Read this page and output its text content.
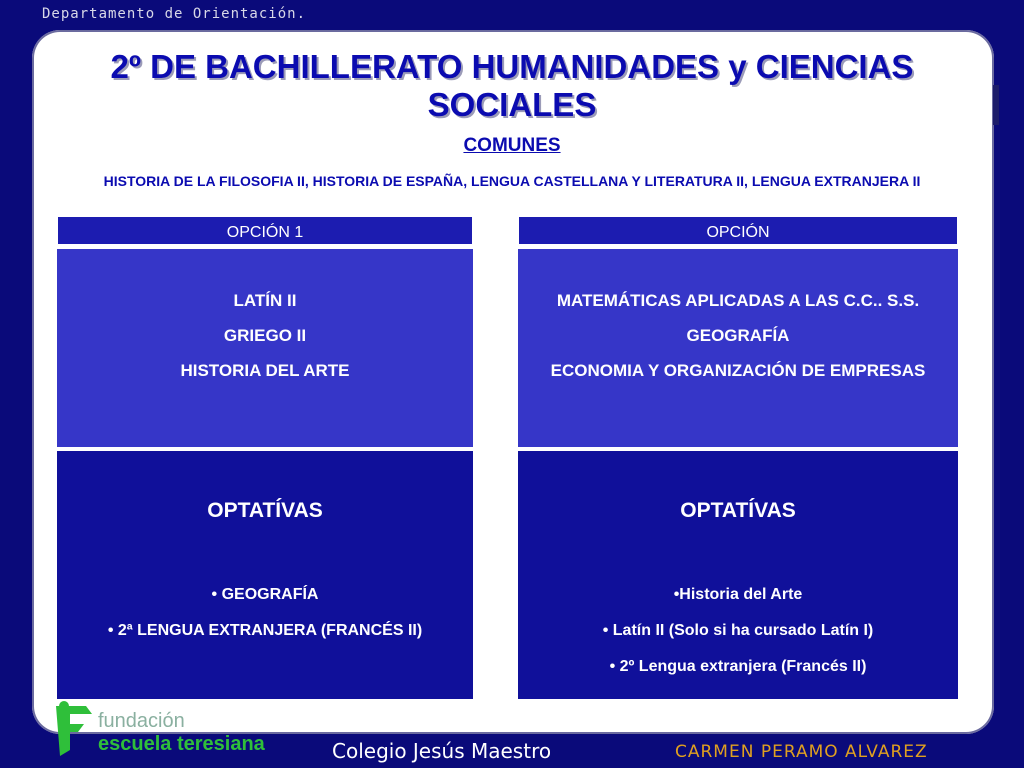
Departamento de Orientación.
2º DE BACHILLERATO HUMANIDADES y CIENCIAS SOCIALES
COMUNES
HISTORIA DE LA FILOSOFIA II, HISTORIA DE ESPAÑA, LENGUA CASTELLANA Y LITERATURA II, LENGUA EXTRANJERA II
OPCIÓN 1

LATÍN II

GRIEGO II

HISTORIA DEL ARTE

OPTATÍVAS

• GEOGRAFÍA

• 2ª LENGUA EXTRANJERA (FRANCÉS II)

OPCIÓN

MATEMÁTICAS APLICADAS A LAS C.C.. S.S.

GEOGRAFÍA

ECONOMIA Y ORGANIZACIÓN DE EMPRESAS

OPTATÍVAS

•Historia del Arte

• Latín II (Solo si ha cursado Latín I)

• 2º Lengua extranjera (Francés II)

fundación
escuela teresiana	Colegio Jesús Maestro	CARMEN PERAMO ALVAREZ
